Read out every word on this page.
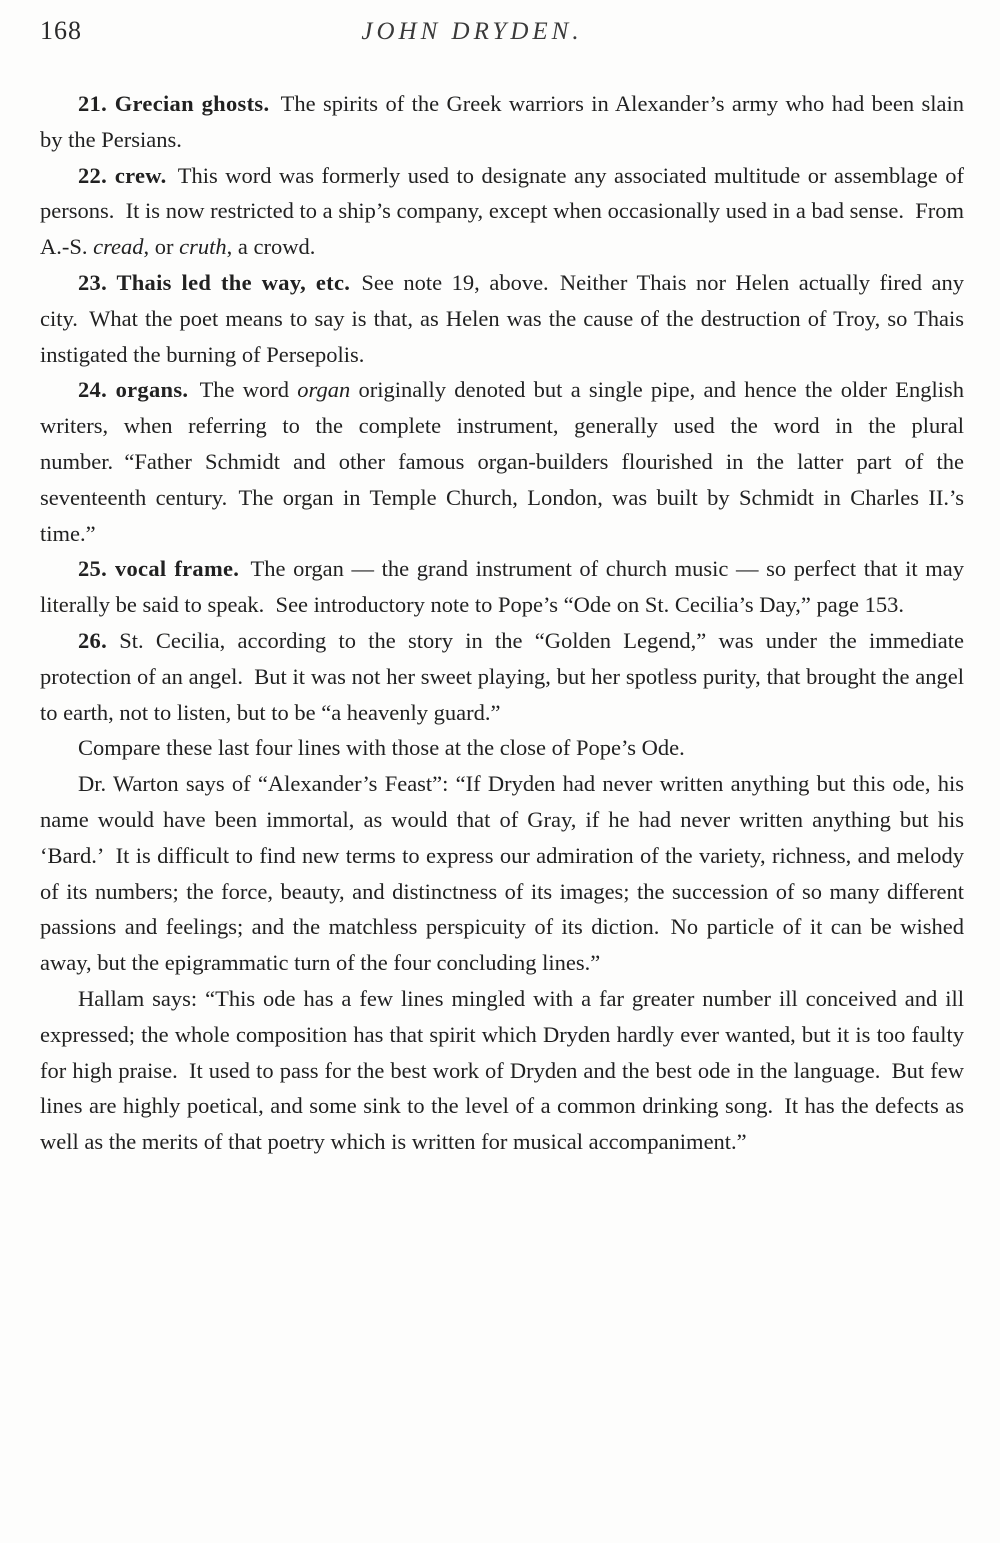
168	JOHN DRYDEN.

21. Grecian ghosts. The spirits of the Greek warriors in Alexander’s army who had been slain by the Persians.

22. crew. This word was formerly used to designate any associated multitude or assemblage of persons. It is now restricted to a ship’s company, except when occasionally used in a bad sense. From A.-S. cread, or cruth, a crowd.

23. Thais led the way, etc. See note 19, above. Neither Thais nor Helen actually fired any city. What the poet means to say is that, as Helen was the cause of the destruction of Troy, so Thais instigated the burning of Persepolis.

24. organs. The word organ originally denoted but a single pipe, and hence the older English writers, when referring to the complete instrument, generally used the word in the plural number. “Father Schmidt and other famous organ-builders flourished in the latter part of the seventeenth century. The organ in Temple Church, London, was built by Schmidt in Charles II.’s time.”

25. vocal frame. The organ — the grand instrument of church music — so perfect that it may literally be said to speak. See introductory note to Pope’s “Ode on St. Cecilia’s Day,” page 153.

26. St. Cecilia, according to the story in the “Golden Legend,” was under the immediate protection of an angel. But it was not her sweet playing, but her spotless purity, that brought the angel to earth, not to listen, but to be “a heavenly guard.”

Compare these last four lines with those at the close of Pope’s Ode.

Dr. Warton says of “Alexander’s Feast”: “If Dryden had never written anything but this ode, his name would have been immortal, as would that of Gray, if he had never written anything but his ‘Bard.’ It is difficult to find new terms to express our admiration of the variety, richness, and melody of its numbers; the force, beauty, and distinctness of its images; the succession of so many different passions and feelings; and the matchless perspicuity of its diction. No particle of it can be wished away, but the epigrammatic turn of the four concluding lines.”

Hallam says: “This ode has a few lines mingled with a far greater number ill conceived and ill expressed; the whole composition has that spirit which Dryden hardly ever wanted, but it is too faulty for high praise. It used to pass for the best work of Dryden and the best ode in the language. But few lines are highly poetical, and some sink to the level of a common drinking song. It has the defects as well as the merits of that poetry which is written for musical accompaniment.”
